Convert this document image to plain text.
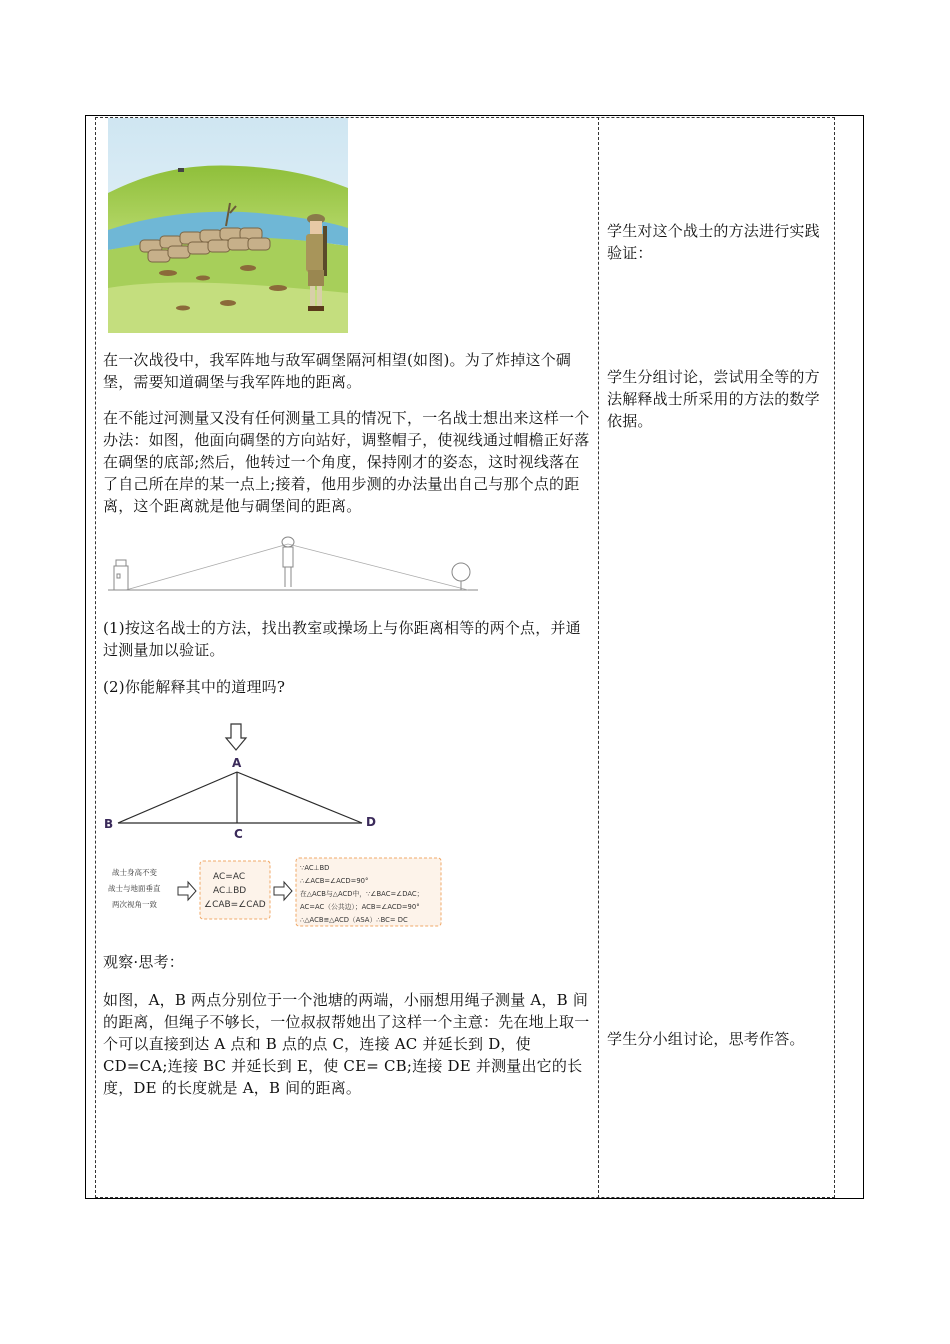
在一次战役中，我军阵地与敌军碉堡隔河相望(如图)。为了炸掉这个碉堡，需要知道碉堡与我军阵地的距离。

在不能过河测量又没有任何测量工具的情况下，一名战士想出来这样一个办法：如图，他面向碉堡的方向站好，调整帽子，使视线通过帽檐正好落在碉堡的底部;然后，他转过一个角度，保持刚才的姿态，这时视线落在了自己所在岸的某一点上;接着，他用步测的办法量出自己与那个点的距离，这个距离就是他与碉堡间的距离。

(1)按这名战士的方法，找出教室或操场上与你距离相等的两个点，并通过测量加以验证。

(2)你能解释其中的道理吗?

A
B
C
D
战士身高不变
战士与地面垂直
两次视角一致
AC=AC
AC⊥BD
∠CAB=∠CAD
∵AC⊥BD
∴∠ACB=∠ACD=90°
在△ACB与△ACD中，∵∠BAC=∠DAC；
AC=AC（公共边）；ACB=∠ACD=90°
∴△ACB≌△ACD（ASA）∴BC= DC

观察·思考：

如图，A，B 两点分别位于一个池塘的两端，小丽想用绳子测量 A，B 间的距离，但绳子不够长，一位叔叔帮她出了这样一个主意：先在地上取一个可以直接到达 A 点和 B 点的点 C，连接 AC 并延长到 D，使 CD=CA;连接 BC 并延长到 E，使 CE= CB;连接 DE 并测量出它的长度，DE 的长度就是 A，B 间的距离。

学生对这个战士的方法进行实践验证：

学生分组讨论，尝试用全等的方法解释战士所采用的方法的数学依据。

学生分小组讨论，思考作答。
